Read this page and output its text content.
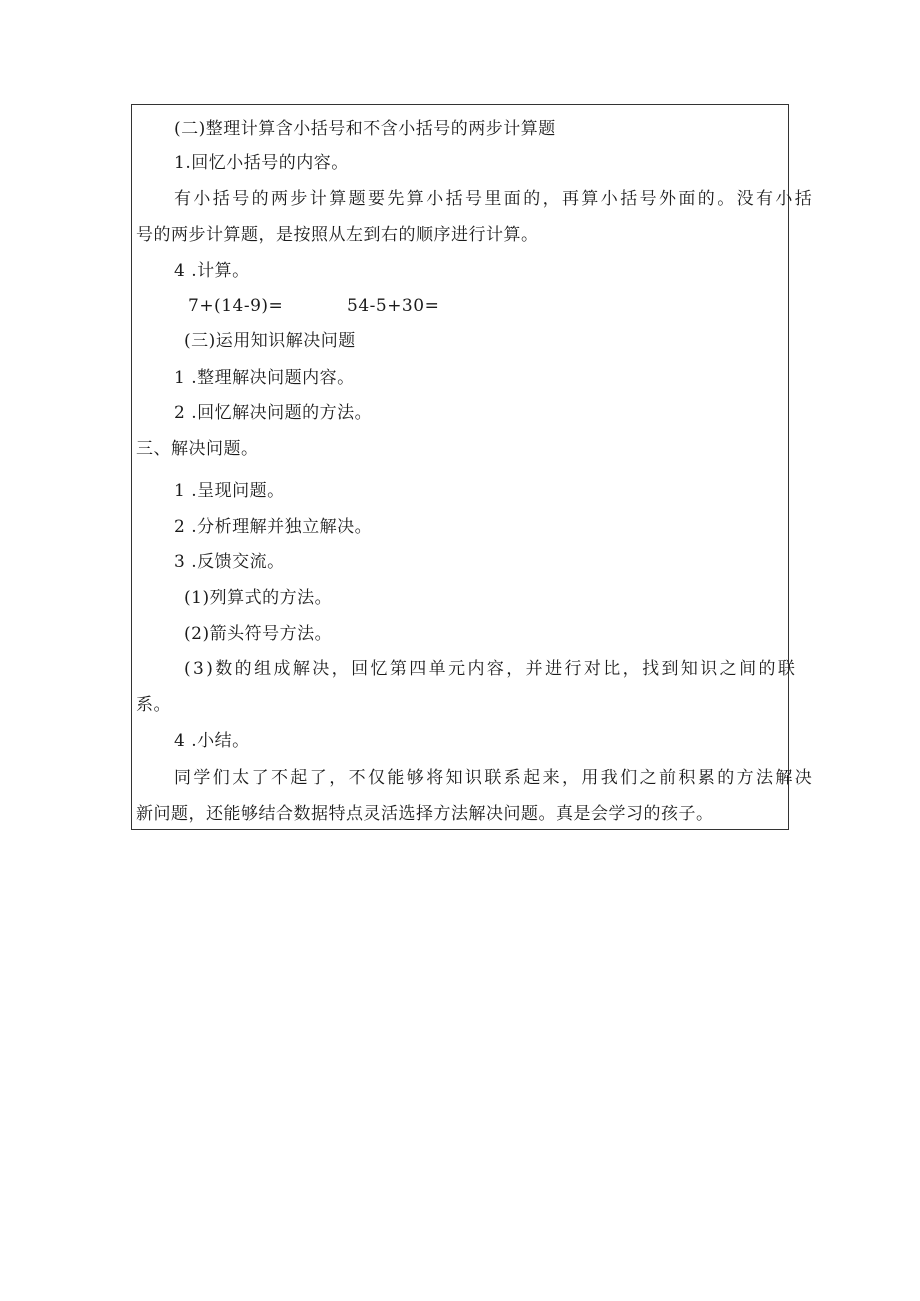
(二)整理计算含小括号和不含小括号的两步计算题
1.回忆小括号的内容。
有小括号的两步计算题要先算小括号里面的，再算小括号外面的。没有小括
号的两步计算题，是按照从左到右的顺序进行计算。
4 .计算。
7+(14-9)=	54-5+30=
(三)运用知识解决问题
1 .整理解决问题内容。
2 .回忆解决问题的方法。
三、解决问题。
1 .呈现问题。
2 .分析理解并独立解决。
3 .反馈交流。
(1)列算式的方法。
(2)箭头符号方法。
(3)数的组成解决，回忆第四单元内容，并进行对比，找到知识之间的联
系。
4 .小结。
同学们太了不起了，不仅能够将知识联系起来，用我们之前积累的方法解决
新问题，还能够结合数据特点灵活选择方法解决问题。真是会学习的孩子。
